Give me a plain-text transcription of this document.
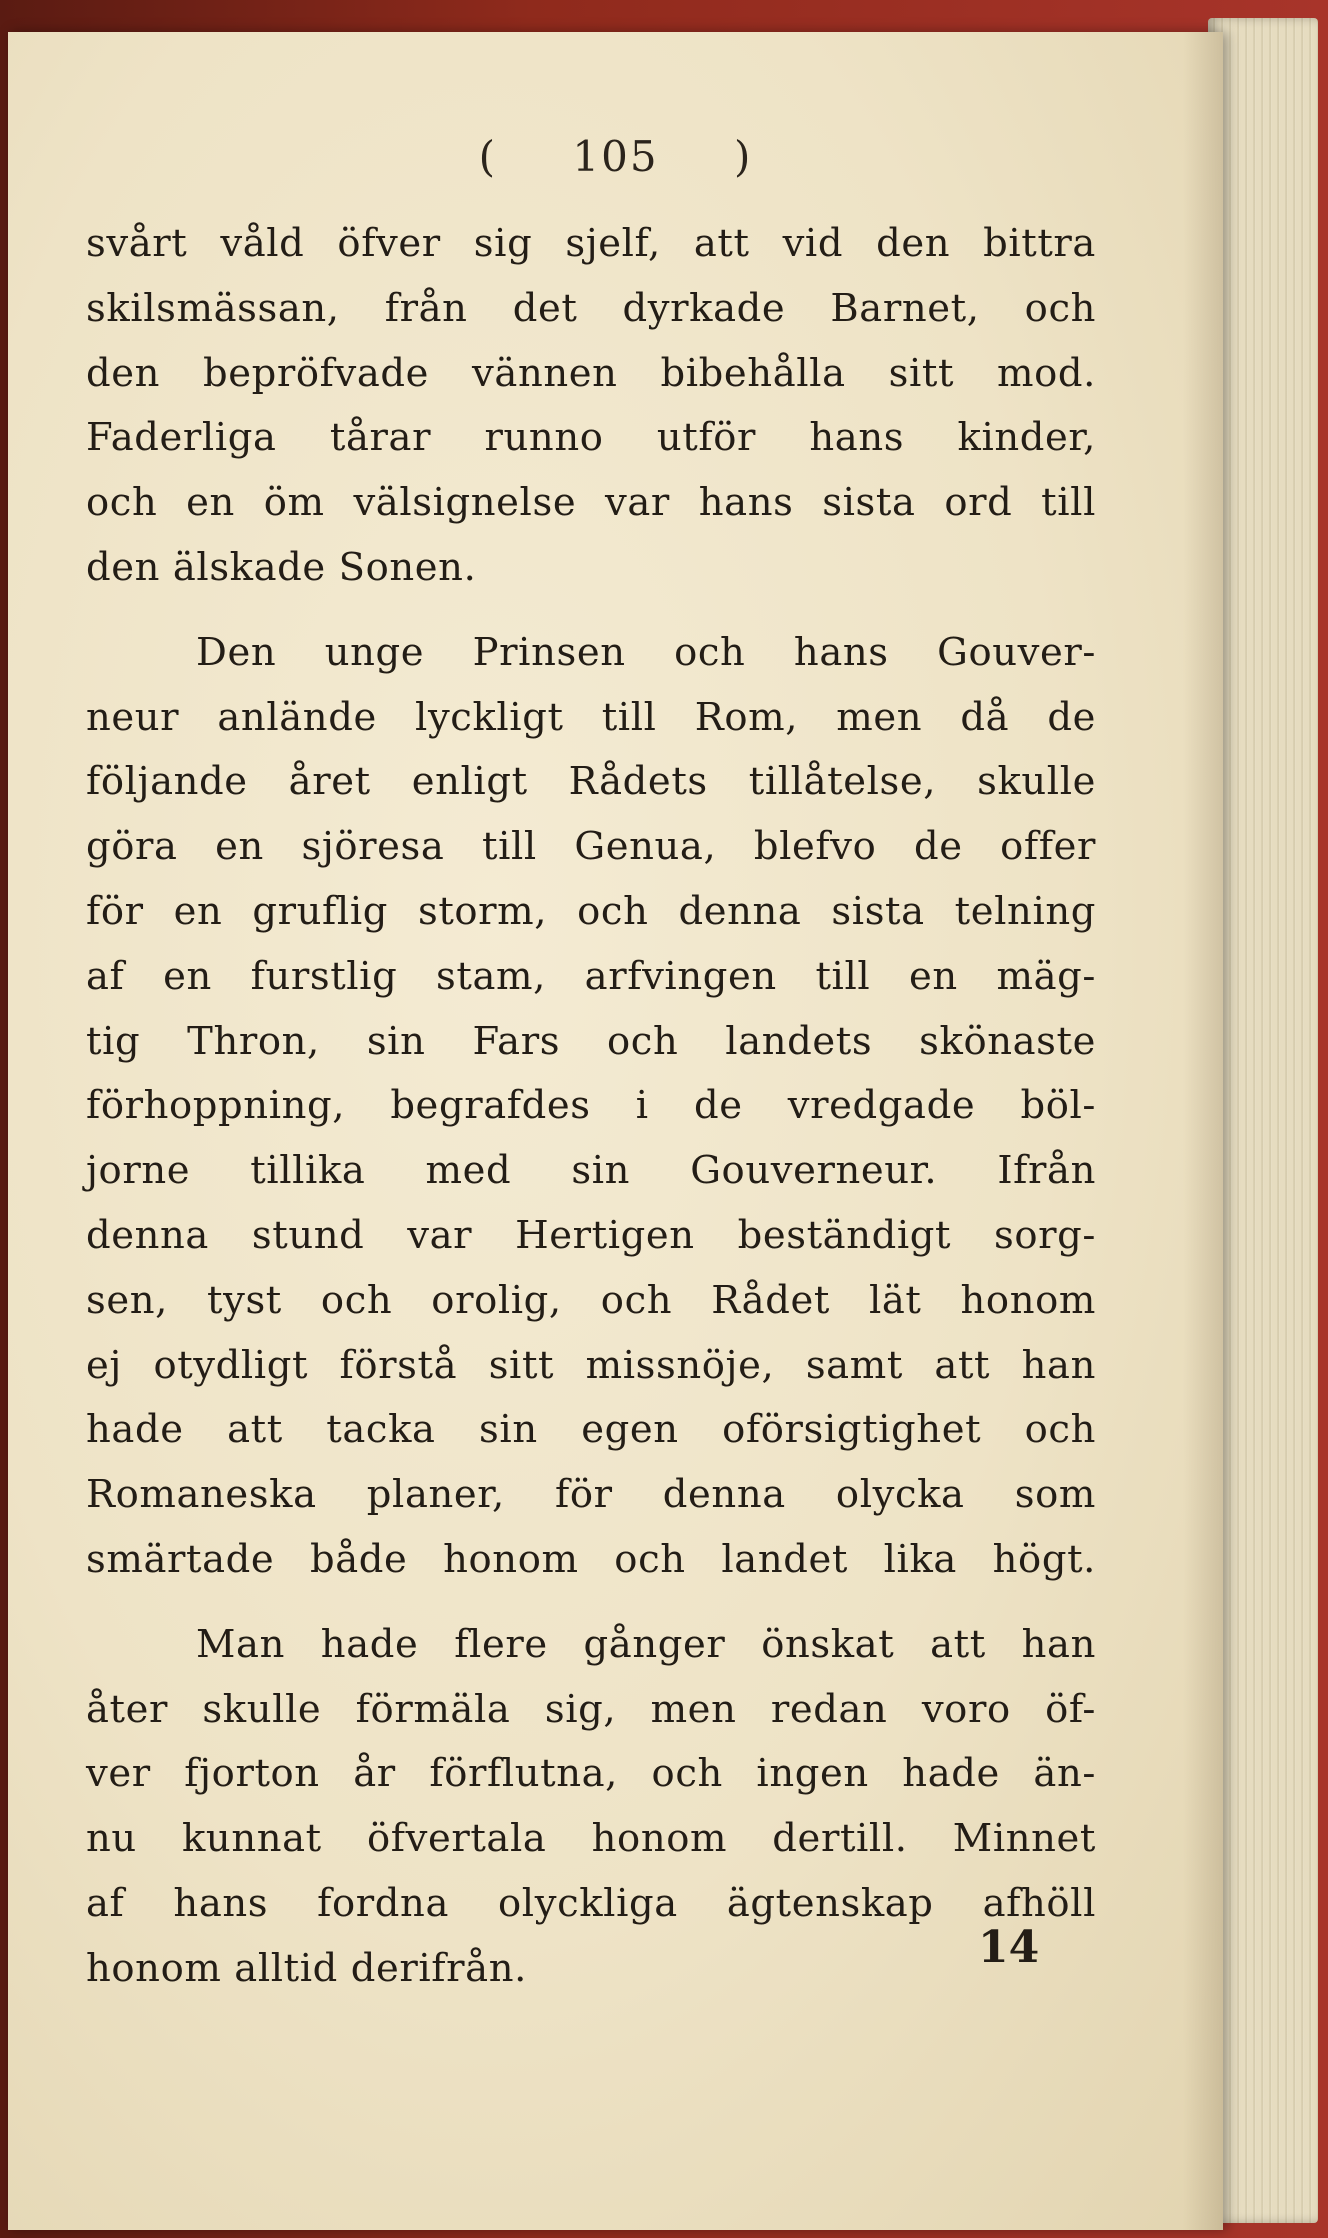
( 105 )
svårt våld öfver sig sjelf, att vid den bittra
skilsmässan, från det dyrkade Barnet, och
den bepröfvade vännen bibehålla sitt mod.
Faderliga tårar runno utför hans kinder,
och en öm välsignelse var hans sista ord till
den älskade Sonen.
Den unge Prinsen och hans Gouver-
neur anlände lyckligt till Rom, men då de
följande året enligt Rådets tillåtelse, skulle
göra en sjöresa till Genua, blefvo de offer
för en gruflig storm, och denna sista telning
af en furstlig stam, arfvingen till en mäg-
tig Thron, sin Fars och landets skönaste
förhoppning, begrafdes i de vredgade böl-
jorne tillika med sin Gouverneur. Ifrån
denna stund var Hertigen beständigt sorg-
sen, tyst och orolig, och Rådet lät honom
ej otydligt förstå sitt missnöje, samt att han
hade att tacka sin egen oförsigtighet och
Romaneska planer, för denna olycka som
smärtade både honom och landet lika högt.
Man hade flere gånger önskat att han
åter skulle förmäla sig, men redan voro öf-
ver fjorton år förflutna, och ingen hade än-
nu kunnat öfvertala honom dertill. Minnet
af hans fordna olyckliga ägtenskap afhöll
honom alltid derifrån.	14
